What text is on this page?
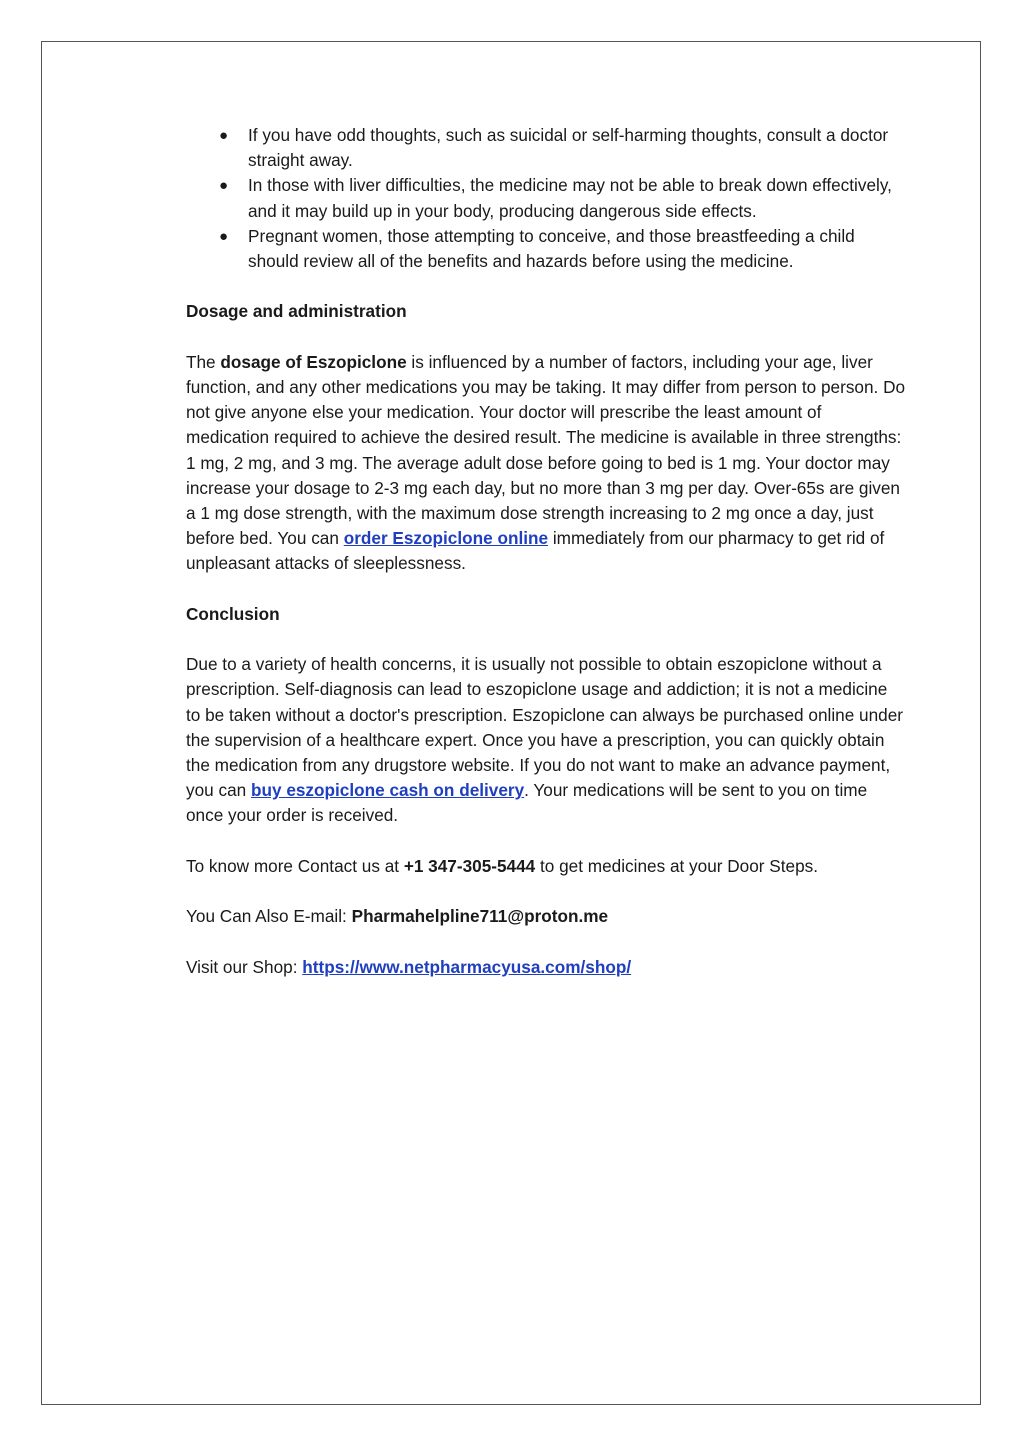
● If you have odd thoughts, such as suicidal or self-harming thoughts, consult a doctor straight away.
● In those with liver difficulties, the medicine may not be able to break down effectively, and it may build up in your body, producing dangerous side effects.
● Pregnant women, those attempting to conceive, and those breastfeeding a child should review all of the benefits and hazards before using the medicine.

Dosage and administration

The dosage of Eszopiclone is influenced by a number of factors, including your age, liver function, and any other medications you may be taking. It may differ from person to person. Do not give anyone else your medication. Your doctor will prescribe the least amount of medication required to achieve the desired result. The medicine is available in three strengths: 1 mg, 2 mg, and 3 mg. The average adult dose before going to bed is 1 mg. Your doctor may increase your dosage to 2-3 mg each day, but no more than 3 mg per day. Over-65s are given a 1 mg dose strength, with the maximum dose strength increasing to 2 mg once a day, just before bed. You can order Eszopiclone online immediately from our pharmacy to get rid of unpleasant attacks of sleeplessness.

Conclusion

Due to a variety of health concerns, it is usually not possible to obtain eszopiclone without a prescription. Self-diagnosis can lead to eszopiclone usage and addiction; it is not a medicine to be taken without a doctor's prescription. Eszopiclone can always be purchased online under the supervision of a healthcare expert. Once you have a prescription, you can quickly obtain the medication from any drugstore website. If you do not want to make an advance payment, you can buy eszopiclone cash on delivery. Your medications will be sent to you on time once your order is received.

To know more Contact us at +1 347-305-5444 to get medicines at your Door Steps.

You Can Also E-mail: Pharmahelpline711@proton.me

Visit our Shop: https://www.netpharmacyusa.com/shop/
